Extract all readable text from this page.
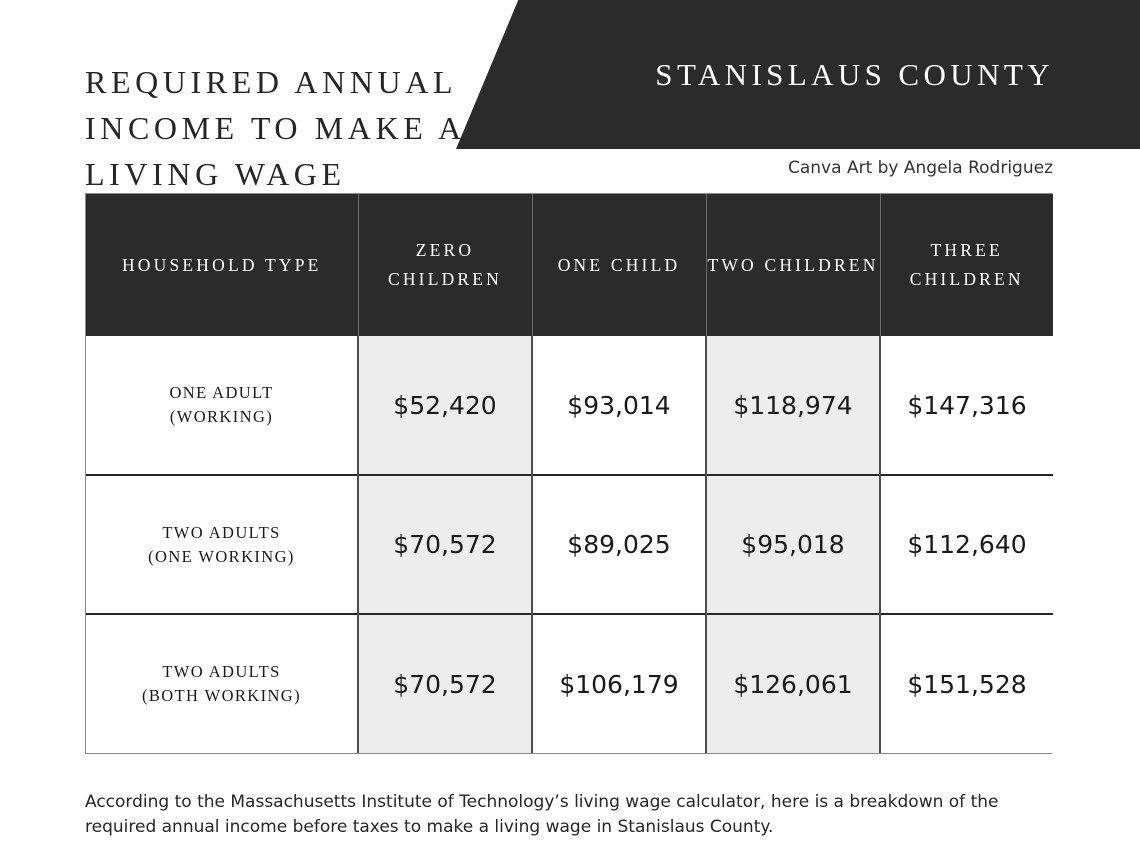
STANISLAUS COUNTY
REQUIRED ANNUAL INCOME TO MAKE A LIVING WAGE	Canva Art by Angela Rodriguez
HOUSEHOLD TYPE	ZERO CHILDREN	ONE CHILD	TWO CHILDREN	THREE CHILDREN

ONE ADULT
(WORKING)	$52,420	$93,014	$118,974	$147,316

TWO ADULTS
(ONE WORKING)	$70,572	$89,025	$95,018	$112,640

TWO ADULTS
(BOTH WORKING)	$70,572	$106,179	$126,061	$151,528

According to the Massachusetts Institute of Technology’s living wage calculator, here is a breakdown of the required annual income before taxes to make a living wage in Stanislaus County.
